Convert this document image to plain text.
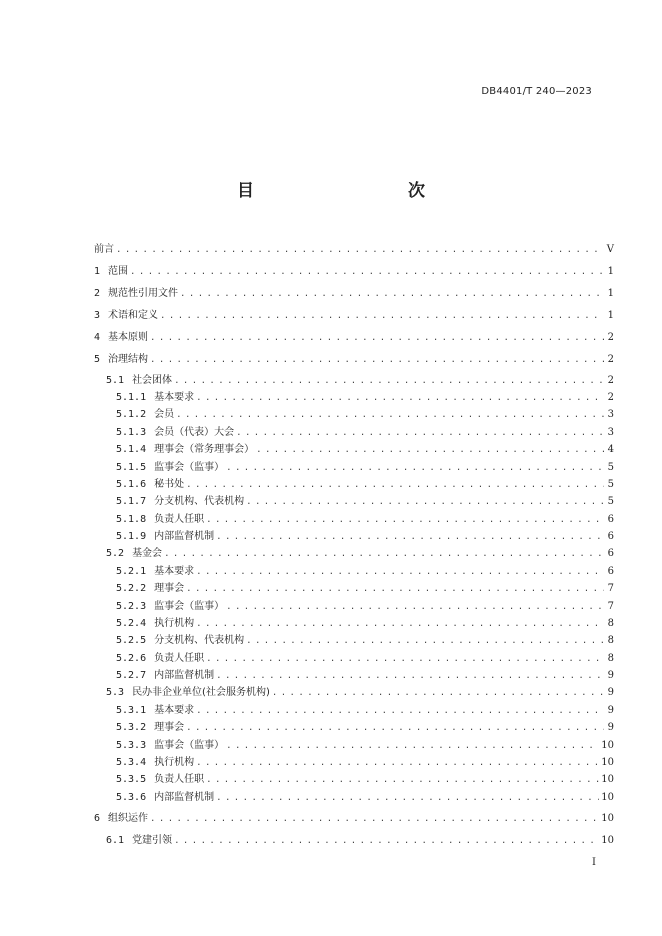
DB4401/T 240—2023
目　　次
前言 . . .	V
1 范围 . . .	1
2 规范性引用文件 . . .	1
3 术语和定义 . . .	1
4 基本原则 . . .	2
5 治理结构 . . .	2
5.1 社会团体 . . .	2
5.1.1 基本要求 . . .	2
5.1.2 会员 . . .	3
5.1.3 会员（代表）大会 . . .	3
5.1.4 理事会（常务理事会） . . .	4
5.1.5 监事会（监事） . . .	5
5.1.6 秘书处 . . .	5
5.1.7 分支机构、代表机构 . . .	5
5.1.8 负责人任职 . . .	6
5.1.9 内部监督机制 . . .	6
5.2 基金会 . . .	6
5.2.1 基本要求 . . .	6
5.2.2 理事会 . . .	7
5.2.3 监事会（监事） . . .	7
5.2.4 执行机构 . . .	8
5.2.5 分支机构、代表机构 . . .	8
5.2.6 负责人任职 . . .	8
5.2.7 内部监督机制 . . .	9
5.3 民办非企业单位(社会服务机构) . . .	9
5.3.1 基本要求 . . .	9
5.3.2 理事会 . . .	9
5.3.3 监事会（监事） . . .	10
5.3.4 执行机构 . . .	10
5.3.5 负责人任职 . . .	10
5.3.6 内部监督机制 . . .	10
6 组织运作 . . .	10
6.1 党建引领 . . .	10
I
